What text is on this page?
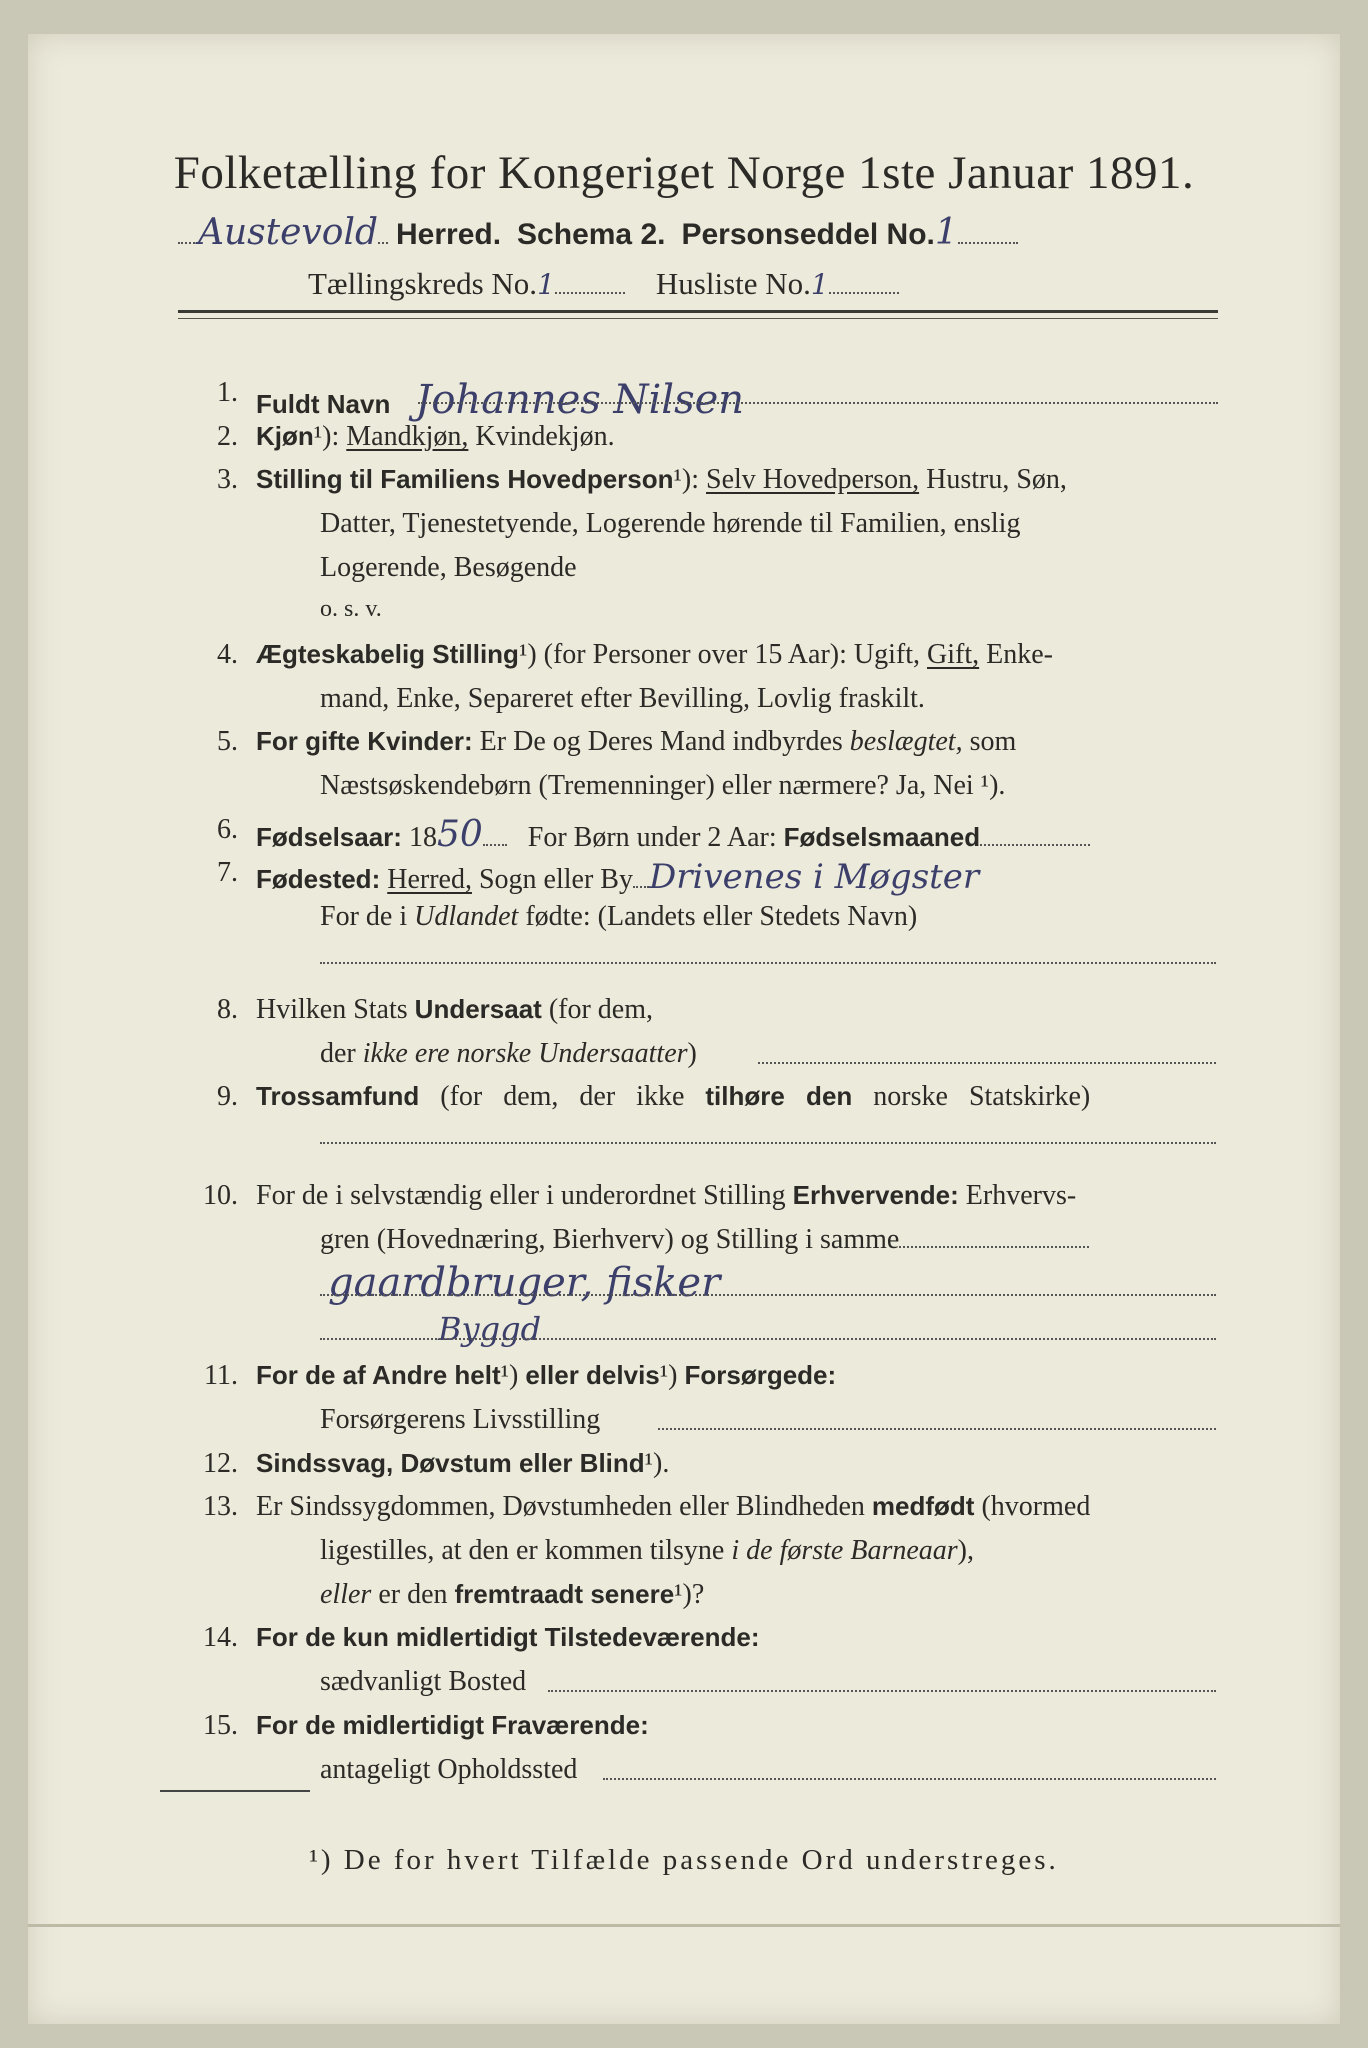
Folketælling for Kongeriget Norge 1ste Januar 1891.
Austevold Herred. Schema 2. Personseddel No.1
Tællingskreds No.1	Husliste No.1
1. Fuldt Navn Johannes Nilsen
2. Kjøn¹): Mandkjøn, Kvindekjøn.
3. Stilling til Familiens Hovedperson¹): Selv Hovedperson, Hustru, Søn,
Datter, Tjenestetyende, Logerende hørende til Familien, enslig
Logerende, Besøgende
o. s. v.
4. Ægteskabelig Stilling¹) (for Personer over 15 Aar): Ugift, Gift, Enke-
mand, Enke, Separeret efter Bevilling, Lovlig fraskilt.
5. For gifte Kvinder: Er De og Deres Mand indbyrdes beslægtet, som
Næstsøskendebørn (Tremenninger) eller nærmere? Ja, Nei ¹).
6. Fødselsaar: 1850 For Børn under 2 Aar: Fødselsmaaned
7. Fødested: Herred, Sogn eller By Drivenes i Møgster
For de i Udlandet fødte: (Landets eller Stedets Navn)
8. Hvilken Stats Undersaat (for dem,
der ikke ere norske Undersaatter)
9. Trossamfund (for dem, der ikke tilhøre den norske Statskirke)
10. For de i selvstændig eller i underordnet Stilling Erhvervende: Erhvervs-
gren (Hovednæring, Bierhverv) og Stilling i samme
gaardbruger, fisker
Byggd
11. For de af Andre helt¹) eller delvis¹) Forsørgede:
Forsørgerens Livsstilling
12. Sindssvag, Døvstum eller Blind¹).
13. Er Sindssygdommen, Døvstumheden eller Blindheden medfødt (hvormed
ligestilles, at den er kommen tilsyne i de første Barneaar),
eller er den fremtraadt senere¹)?
14. For de kun midlertidigt Tilstedeværende:
sædvanligt Bosted
15. For de midlertidigt Fraværende:
antageligt Opholdssted
¹) De for hvert Tilfælde passende Ord understreges.
